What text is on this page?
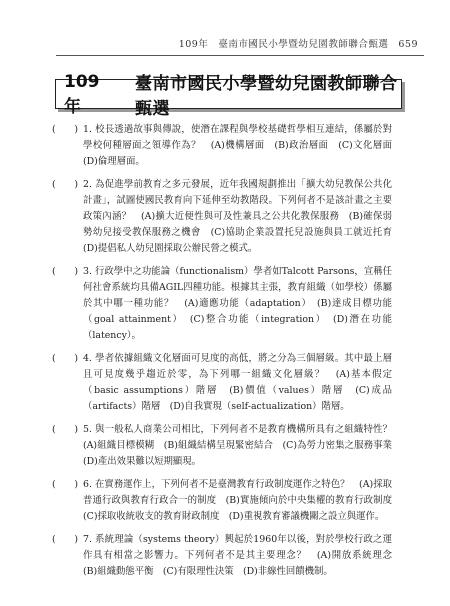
109年　臺南市國民小學暨幼兒園教師聯合甄選　659
109年
臺南市國民小學暨幼兒園教師聯合甄選
( ) 1. 校長透過故事與傳說，使潛在課程與學校基礎哲學相互連結，係屬於對學校何種層面之領導作為？　(A)機構層面　(B)政治層面　(C)文化層面　(D)倫理層面。
( ) 2. 為促進學前教育之多元發展，近年我國規劃推出「擴大幼兒教保公共化計畫」，試圖使國民教育向下延伸至幼教階段。下列何者不是該計畫之主要政策內涵？　(A)擴大近便性與可及性兼具之公共化教保服務　(B)確保弱勢幼兒接受教保服務之機會　(C)協助企業設置托兒設施與員工就近托育　(D)提倡私人幼兒園採取公辦民營之模式。
( ) 3. 行政學中之功能論（functionalism）學者如Talcott Parsons，宣稱任何社會系統均具備AGIL四種功能。根據其主張，教育組織（如學校）係屬於其中哪一種功能？　(A)適應功能（adaptation）　(B)達成目標功能（goal attainment）　(C)整合功能（integration）　(D)潛在功能（latency）。
( ) 4. 學者依據組織文化層面可見度的高低，將之分為三個層級。其中最上層且可見度幾乎趨近於零，為下列哪一組織文化層級？　(A)基本假定（basic assumptions）階層　(B)價值（values）階層　(C)成品（artifacts）階層　(D)自我實現（self-actualization）階層。
( ) 5. 與一般私人商業公司相比，下列何者不是教育機構所具有之組織特性？　(A)組織目標模糊　(B)組織結構呈現緊密結合　(C)為勞力密集之服務事業　(D)產出效果難以短期顯現。
( ) 6. 在實務運作上，下列何者不是臺灣教育行政制度運作之特色？　(A)採取普通行政與教育行政合一的制度　(B)實施傾向於中央集權的教育行政制度　(C)採取收統收支的教育財政制度　(D)重視教育審議機關之設立與運作。
( ) 7. 系統理論（systems theory）興起於1960年以後，對於學校行政之運作具有相當之影響力。下列何者不是其主要理念？　(A)開放系統理念　(B)組織動態平衡　(C)有限理性決策　(D)非線性回饋機制。
